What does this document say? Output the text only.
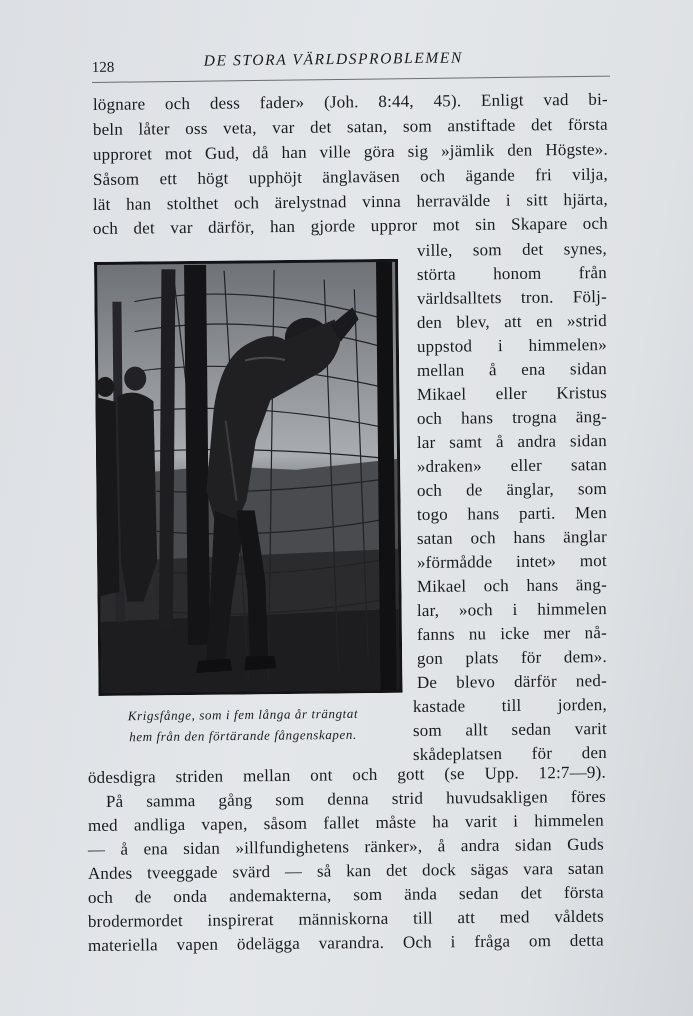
128	DE STORA VÄRLDSPROBLEMEN
lögnare och dess fader» (Joh. 8:44, 45). Enligt vad bi-
beln låter oss veta, var det satan, som anstiftade det första
upproret mot Gud, då han ville göra sig »jämlik den Högste».
Såsom ett högt upphöjt änglaväsen och ägande fri vilja,
lät han stolthet och ärelystnad vinna herravälde i sitt hjärta,
och det var därför, han gjorde uppror mot sin Skapare och
ville, som det synes,
störta honom från
världsalltets tron. Följ-
den blev, att en »strid
uppstod i himmelen»
mellan å ena sidan
Mikael eller Kristus
och hans trogna äng-
lar samt å andra sidan
»draken» eller satan
och de änglar, som
togo hans parti. Men
satan och hans änglar
»förmådde intet» mot
Mikael och hans äng-
lar, »och i himmelen
fanns nu icke mer nå-
gon plats för dem».
De blevo därför ned-
kastade till jorden,
som allt sedan varit
skådeplatsen för den
Krigsfånge, som i fem långa år trängtat
hem från den förtärande fångenskapen.
ödesdigra striden mellan ont och gott (se Upp. 12:7—9).
På samma gång som denna strid huvudsakligen föres
med andliga vapen, såsom fallet måste ha varit i himmelen
— å ena sidan »illfundighetens ränker», å andra sidan Guds
Andes tveeggade svärd — så kan det dock sägas vara satan
och de onda andemakterna, som ända sedan det första
brodermordet inspirerat människorna till att med våldets
materiella vapen ödelägga varandra. Och i fråga om detta
